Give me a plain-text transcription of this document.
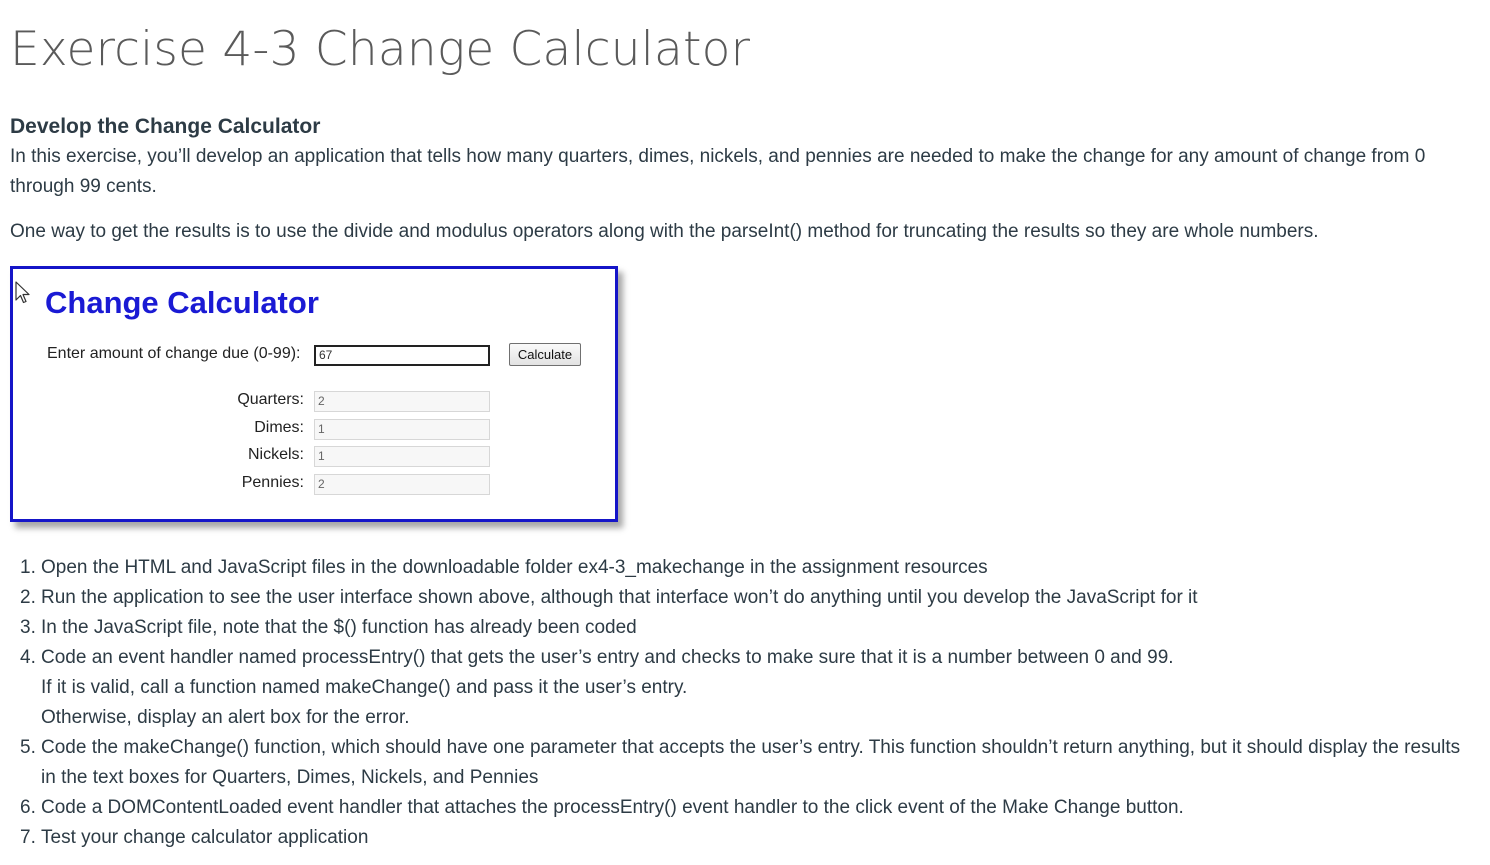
Exercise 4-3 Change Calculator
Develop the Change Calculator

In this exercise, you’ll develop an application that tells how many quarters, dimes, nickels, and pennies are needed to make the change for any amount of change from 0 through 99 cents.

One way to get the results is to use the divide and modulus operators along with the parseInt() method for truncating the results so they are whole numbers.

Change Calculator
Enter amount of change due (0-99):	67	Calculate
Quarters:	2
Dimes:	1
Nickels:	1
Pennies:	2
1. Open the HTML and JavaScript files in the downloadable folder ex4-3_makechange in the assignment resources
2. Run the application to see the user interface shown above, although that interface won’t do anything until you develop the JavaScript for it
3. In the JavaScript file, note that the $() function has already been coded
4. Code an event handler named processEntry() that gets the user’s entry and checks to make sure that it is a number between 0 and 99.
If it is valid, call a function named makeChange() and pass it the user’s entry.
Otherwise, display an alert box for the error.
5. Code the makeChange() function, which should have one parameter that accepts the user’s entry. This function shouldn’t return anything, but it should display the results in the text boxes for Quarters, Dimes, Nickels, and Pennies
6. Code a DOMContentLoaded event handler that attaches the processEntry() event handler to the click event of the Make Change button.
7. Test your change calculator application
